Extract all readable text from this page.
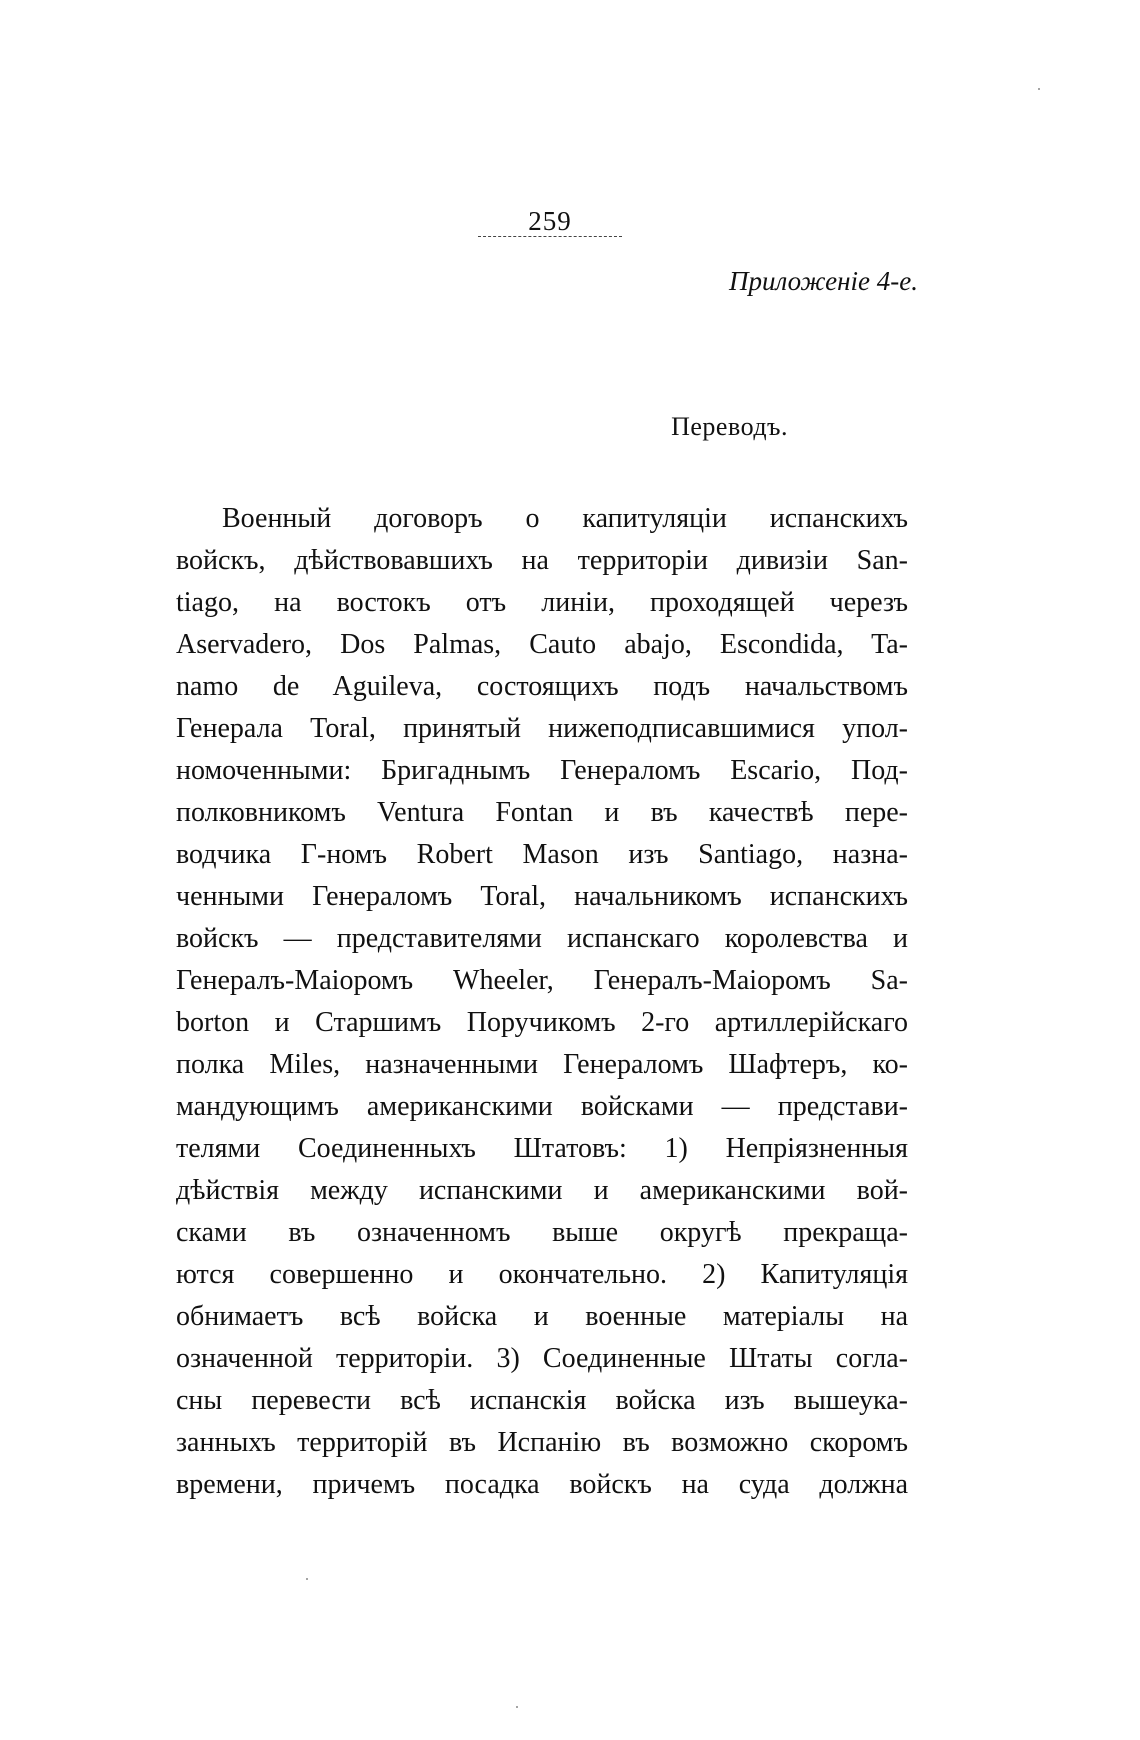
259
Приложеніе 4-е.
Переводъ.
Военный договоръ о капитуляціи испанскихъ
войскъ, дѣйствовавшихъ на территоріи дивизіи San-
tiago, на востокъ отъ линіи, проходящей черезъ
Aservadero, Dos Palmas, Cauto abajo, Escondida, Ta-
namo de Aguileva, состоящихъ подъ начальствомъ
Генерала Toral, принятый нижеподписавшимися упол-
номоченными: Бригаднымъ Генераломъ Escario, Под-
полковникомъ Ventura Fontan и въ качествѣ пере-
водчика Г-номъ Robert Mason изъ Santiago, назна-
ченными Генераломъ Toral, начальникомъ испанскихъ
войскъ — представителями испанскаго королевства и
Генералъ-Маіоромъ Wheeler, Генералъ-Маіоромъ Sa-
borton и Старшимъ Поручикомъ 2-го артиллерійскаго
полка Miles, назначенными Генераломъ Шафтеръ, ко-
мандующимъ американскими войсками — представи-
телями Соединенныхъ Штатовъ: 1) Непріязненныя
дѣйствія между испанскими и американскими вой-
сками въ означенномъ выше округѣ прекраща-
ются совершенно и окончательно. 2) Капитуляція
обнимаетъ всѣ войска и военные матеріалы на
означенной территоріи. 3) Соединенные Штаты согла-
сны перевести всѣ испанскія войска изъ вышеука-
занныхъ территорій въ Испанію въ возможно скоромъ
времени, причемъ посадка войскъ на суда должна
